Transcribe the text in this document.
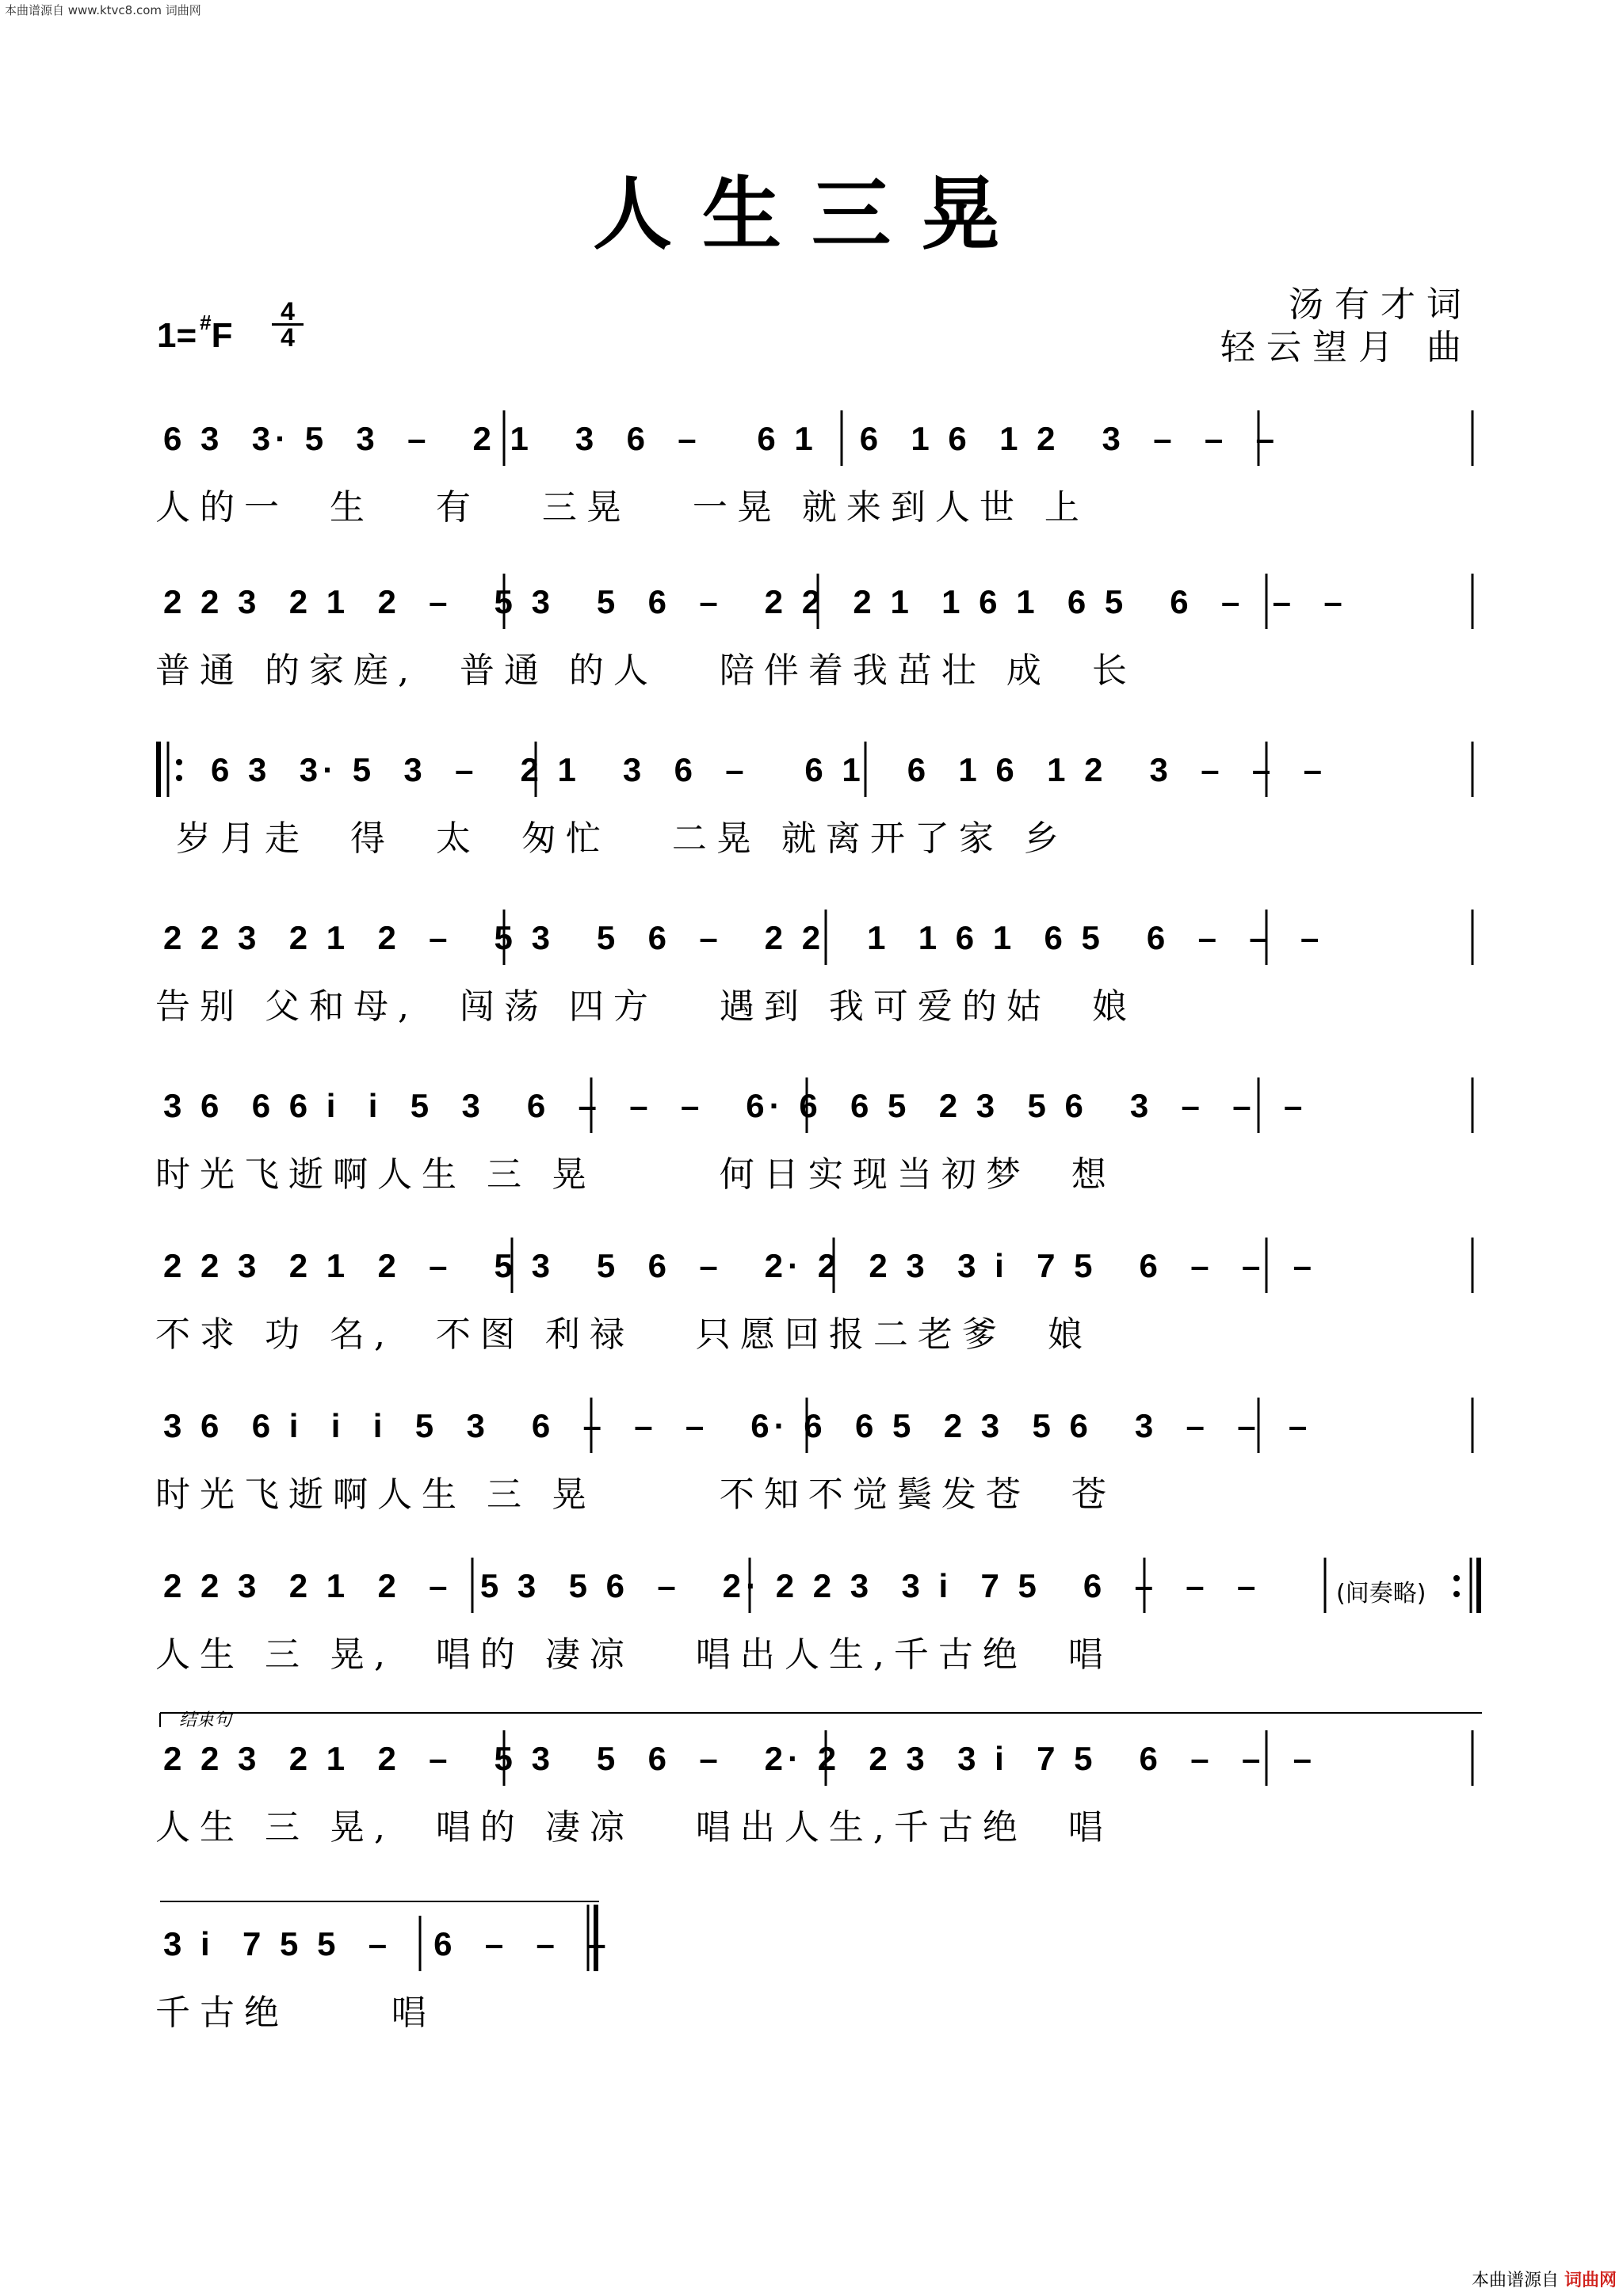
本曲谱源自 www.ktvc8.com 词曲网
人生三晃
汤有才词
轻云望月 曲
$1= ^{\#}F \frac{4}{4}$
6 3  3· 5  3  –   2 1   3  6  –    6 1   6  1 6  1 2   3  –  –  –
人的一  生   有   三晃   一晃 就来到人世 上
2 2 3  2 1  2  –   5 3   5  6  –   2 2  2 1  1 6 1  6 5   6  –  –  –
普通 的家庭,  普通 的人   陪伴着我茁壮 成  长
6 3  3· 5  3  –   2 1   3  6  –    6 1   6  1 6  1 2   3  –  –  –
岁月走  得  太  匆忙   二晃 就离开了家 乡
2 2 3  2 1  2  –   5 3   5  6  –   2 2   1  1 6 1  6 5   6  –  –  –
告别 父和母,  闯荡 四方   遇到 我可爱的姑  娘
3 6  6 6 i  i  5  3   6  –  –  –   6· 6  6 5  2 3  5 6   3  –  –  –
时光飞逝啊人生 三 晃      何日实现当初梦  想
2 2 3  2 1  2  –   5 3   5  6  –   2· 2  2 3  3 i  7 5   6  –  –  –
不求 功 名,  不图 利禄   只愿回报二老爹  娘
3 6  6 i  i  i  5  3   6  –  –  –   6· 6  6 5  2 3  5 6   3  –  –  –
时光飞逝啊人生 三 晃      不知不觉鬓发苍  苍
2 2 3  2 1  2  –  5 3  5 6  –   2· 2 2 3  3 i  7 5   6  –  –  –
人生 三 晃,  唱的 凄凉   唱出人生,千古绝  唱
(间奏略)
结束句
2 2 3  2 1  2  –   5 3   5  6  –   2· 2  2 3  3 i  7 5   6  –  –  –
人生 三 晃,  唱的 凄凉   唱出人生,千古绝  唱
3 i  7 5 5  –   6  –  –  –
千古绝     唱
本曲谱源自 词曲网
